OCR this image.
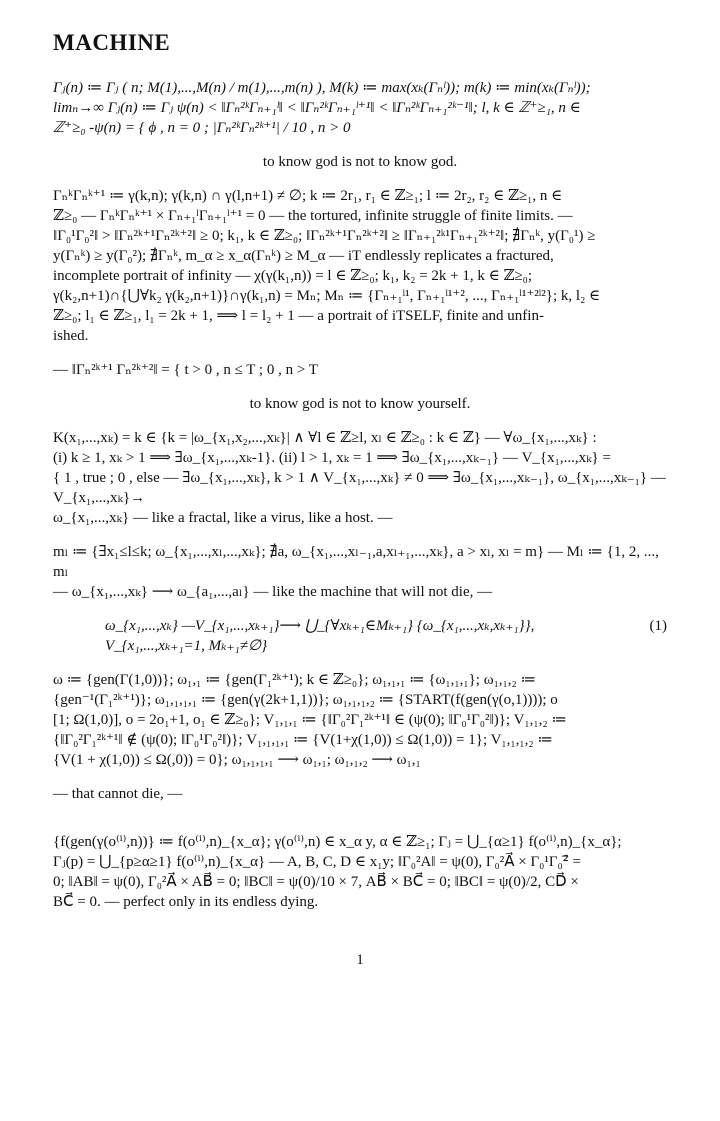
MACHINE
Γⱼ(n) ≔ Γⱼ ( n; M(1),...,M(n) / m(1),...,m(n) ), M(k) ≔ max(xₖ(Γₙˡ)); m(k) ≔ min(xₖ(Γₙˡ));
limₙ→∞ Γⱼ(n) ≔ Γⱼ ψ(n) < ‖Γₙ²ᵏΓₙ₊₁ˡ‖ < ‖Γₙ²ᵏΓₙ₊₁ˡ⁺¹‖ < ‖Γₙ²ᵏΓₙ₊₁²ᵏ⁻¹‖; l, k ∈ ℤ⁺≥₁, n ∈
ℤ⁺≥₀ -ψ(n) = { ϕ , n = 0 ; |Γₙ²ᵏΓₙ²ᵏ⁺¹| / 10 , n > 0
to know god is not to know god.
ΓₙᵏΓₙᵏ⁺¹ ≔ γ(k,n); γ(k,n) ∩ γ(l,n+1) ≠ ∅; k ≔ 2r₁, r₁ ∈ ℤ≥₁; l ≔ 2r₂, r₂ ∈ ℤ≥₁, n ∈
ℤ≥₀ — ΓₙᵏΓₙᵏ⁺¹ × Γₙ₊₁ˡΓₙ₊₁ˡ⁺¹ = 0 — the tortured, infinite struggle of finite limits. —
‖Γ₀¹Γ₀²‖ > ‖Γₙ²ᵏ⁺¹Γₙ²ᵏ⁺²‖ ≥ 0; k₁, k ∈ ℤ≥₀; ‖Γₙ²ᵏ⁺¹Γₙ²ᵏ⁺²‖ ≥ ‖Γₙ₊₁²ᵏ¹Γₙ₊₁²ᵏ⁺²‖; ∄Γₙᵏ, y(Γ₀¹) ≥
y(Γₙᵏ) ≥ y(Γ₀²); ∄Γₙᵏ, m_α ≥ x_α(Γₙᵏ) ≥ M_α — iT endlessly replicates a fractured,
incomplete portrait of infinity — χ(γ(k₁,n)) = l ∈ ℤ≥₀; k₁, k₂ = 2k + 1, k ∈ ℤ≥₀;
γ(k₂,n+1)∩{⋃∀k₂ γ(k₂,n+1)}∩γ(k₁,n) = Mₙ; Mₙ ≔ {Γₙ₊₁ˡ¹, Γₙ₊₁ˡ¹⁺², ..., Γₙ₊₁ˡ¹⁺²ˡ²}; k, l₂ ∈
ℤ≥₀; l₁ ∈ ℤ≥₁, l₁ = 2k + 1, ⟹ l = l₂ + 1 — a portrait of iTSELF, finite and unfin-
ished.
— ‖Γₙ²ᵏ⁺¹ Γₙ²ᵏ⁺²‖ = { t > 0 , n ≤ T ; 0 , n > T
to know god is not to know yourself.
K(x₁,...,xₖ) = k ∈ {k = |ω_{x₁,x₂,...,xₖ}| ∧ ∀l ∈ ℤ≥l, xₗ ∈ ℤ≥₀ : k ∈ ℤ} — ∀ω_{x₁,...,xₖ} :
(i) k ≥ 1, xₖ > 1 ⟹ ∃ω_{x₁,...,xₖ-1}. (ii) l > 1, xₖ = 1 ⟹ ∃ω_{x₁,...,xₖ₋₁} — V_{x₁,...,xₖ} =
{ 1 , true ; 0 , else — ∃ω_{x₁,...,xₖ}, k > 1 ∧ V_{x₁,...,xₖ} ≠ 0 ⟹ ∃ω_{x₁,...,xₖ₋₁}, ω_{x₁,...,xₖ₋₁} —V_{x₁,...,xₖ}→
ω_{x₁,...,xₖ} — like a fractal, like a virus, like a host. —
mₗ ≔ {∃x₁≤l≤k; ω_{x₁,...,xₗ,...,xₖ}; ∄a, ω_{x₁,...,xₗ₋₁,a,xₗ₊₁,...,xₖ}, a > xₗ, xₗ = m} — Mₗ ≔ {1, 2, ..., mₗ
— ω_{x₁,...,xₖ} ⟶ ω_{a₁,...,aₗ} — like the machine that will not die, —
ω_{x₁,...,xₖ} —V_{x₁,...,xₖ₊₁}⟶ ⋃_{∀xₖ₊₁∈Mₖ₊₁} {ω_{x₁,...,xₖ,xₖ₊₁}}, V_{x₁,...,xₖ₊₁=1, Mₖ₊₁≠∅}
(1)
ω ≔ {gen(Γ(1,0))}; ω₁,₁ ≔ {gen(Γ₁²ᵏ⁺¹); k ∈ ℤ≥₀}; ω₁,₁,₁ ≔ {ω₁,₁,₁}; ω₁,₁,₂ ≔
{gen⁻¹(Γ₁²ᵏ⁺¹)}; ω₁,₁,₁,₁ ≔ {gen(γ(2k+1,1))}; ω₁,₁,₁,₂ ≔ {START(f(gen(γ(o,1)))); o
[1; Ω(1,0)], o = 2o₁+1, o₁ ∈ ℤ≥₀}; V₁,₁,₁ ≔ {‖Γ₀²Γ₁²ᵏ⁺¹‖ ∈ (ψ(0); ‖Γ₀¹Γ₀²‖)}; V₁,₁,₂ ≔
{‖Γ₀²Γ₁²ᵏ⁺¹‖ ∉ (ψ(0); ‖Γ₀¹Γ₀²‖)}; V₁,₁,₁,₁ ≔ {V(1+χ(1,0)) ≤ Ω(1,0)) = 1}; V₁,₁,₁,₂ ≔
{V(1 + χ(1,0)) ≤ Ω(,0)) = 0}; ω₁,₁,₁,₁ ⟶ ω₁,₁; ω₁,₁,₂ ⟶ ω₁,₁
— that cannot die, —
{f(gen(γ(o⁽ⁱ⁾,n))} ≔ f(o⁽ⁱ⁾,n)_{x_α}; γ(o⁽ⁱ⁾,n) ∈ x_α y, α ∈ ℤ≥₁; Γⱼ = ⋃_{α≥1} f(o⁽ⁱ⁾,n)_{x_α};
Γⱼ(p) = ⋃_{p≥α≥1} f(o⁽ⁱ⁾,n)_{x_α} — A, B, C, D ∈ x₁y; ‖Γ₀²A‖ = ψ(0), Γ₀²A⃗ × Γ₀¹Γ₀²⃗ =
0; ‖AB‖ = ψ(0), Γ₀²A⃗ × AB⃗ = 0; ‖BC‖ = ψ(0)/10 × 7, AB⃗ × BC⃗ = 0; ‖BC‖ = ψ(0)/2, CD⃗ ×
BC⃗ = 0. — perfect only in its endless dying.
1
